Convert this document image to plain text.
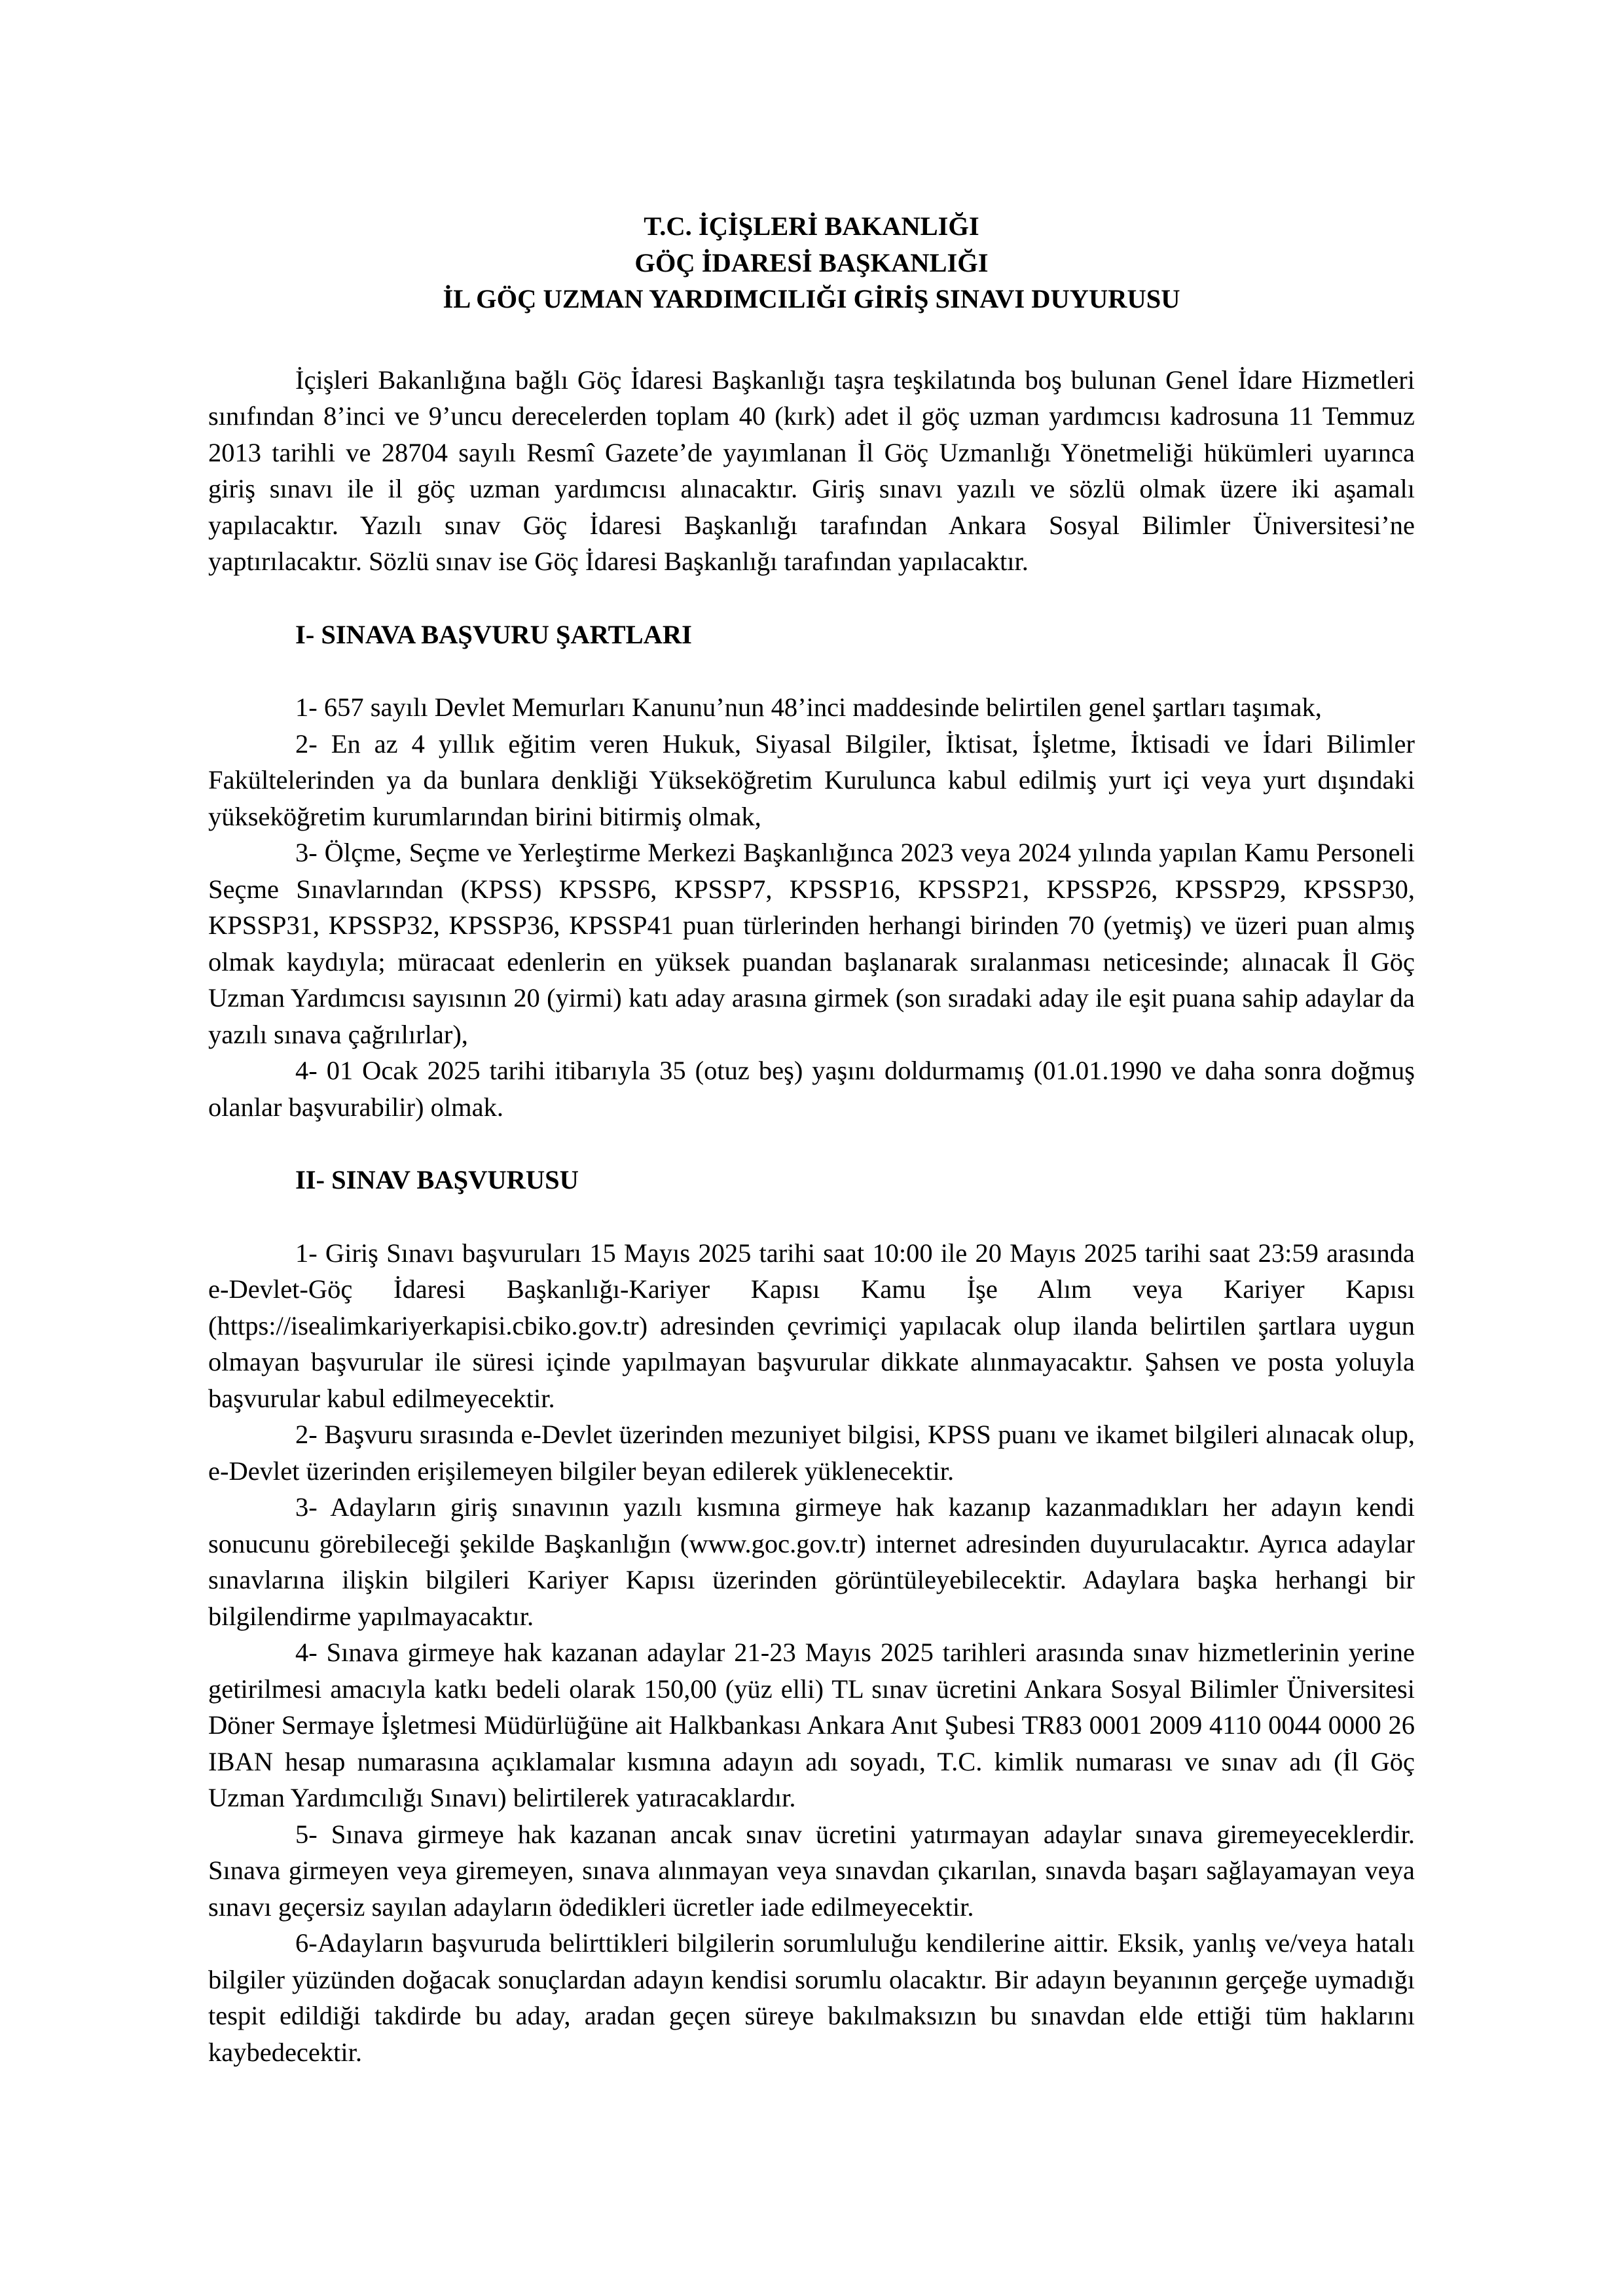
T.C. İÇİŞLERİ BAKANLIĞI
GÖÇ İDARESİ BAŞKANLIĞI
İL GÖÇ UZMAN YARDIMCILIĞI GİRİŞ SINAVI DUYURUSU

İçişleri Bakanlığına bağlı Göç İdaresi Başkanlığı taşra teşkilatında boş bulunan Genel İdare Hizmetleri sınıfından 8’inci ve 9’uncu derecelerden toplam 40 (kırk) adet il göç uzman yardımcısı kadrosuna 11 Temmuz 2013 tarihli ve 28704 sayılı Resmî Gazete’de yayımlanan İl Göç Uzmanlığı Yönetmeliği hükümleri uyarınca giriş sınavı ile il göç uzman yardımcısı alınacaktır. Giriş sınavı yazılı ve sözlü olmak üzere iki aşamalı yapılacaktır. Yazılı sınav Göç İdaresi Başkanlığı tarafından Ankara Sosyal Bilimler Üniversitesi’ne yaptırılacaktır. Sözlü sınav ise Göç İdaresi Başkanlığı tarafından yapılacaktır.

I- SINAVA BAŞVURU ŞARTLARI

1- 657 sayılı Devlet Memurları Kanunu’nun 48’inci maddesinde belirtilen genel şartları taşımak,

2- En az 4 yıllık eğitim veren Hukuk, Siyasal Bilgiler, İktisat, İşletme, İktisadi ve İdari Bilimler Fakültelerinden ya da bunlara denkliği Yükseköğretim Kurulunca kabul edilmiş yurt içi veya yurt dışındaki yükseköğretim kurumlarından birini bitirmiş olmak,

3- Ölçme, Seçme ve Yerleştirme Merkezi Başkanlığınca 2023 veya 2024 yılında yapılan Kamu Personeli Seçme Sınavlarından (KPSS) KPSSP6, KPSSP7, KPSSP16, KPSSP21, KPSSP26, KPSSP29, KPSSP30, KPSSP31, KPSSP32, KPSSP36, KPSSP41 puan türlerinden herhangi birinden 70 (yetmiş) ve üzeri puan almış olmak kaydıyla; müracaat edenlerin en yüksek puandan başlanarak sıralanması neticesinde; alınacak İl Göç Uzman Yardımcısı sayısının 20 (yirmi) katı aday arasına girmek (son sıradaki aday ile eşit puana sahip adaylar da yazılı sınava çağrılırlar),

4- 01 Ocak 2025 tarihi itibarıyla 35 (otuz beş) yaşını doldurmamış (01.01.1990 ve daha sonra doğmuş olanlar başvurabilir) olmak.

II- SINAV BAŞVURUSU

1- Giriş Sınavı başvuruları 15 Mayıs 2025 tarihi saat 10:00 ile 20 Mayıs 2025 tarihi saat 23:59 arasında e-Devlet-Göç İdaresi Başkanlığı-Kariyer Kapısı Kamu İşe Alım veya Kariyer Kapısı (https://isealimkariyerkapisi.cbiko.gov.tr) adresinden çevrimiçi yapılacak olup ilanda belirtilen şartlara uygun olmayan başvurular ile süresi içinde yapılmayan başvurular dikkate alınmayacaktır. Şahsen ve posta yoluyla başvurular kabul edilmeyecektir.

2- Başvuru sırasında e-Devlet üzerinden mezuniyet bilgisi, KPSS puanı ve ikamet bilgileri alınacak olup, e-Devlet üzerinden erişilemeyen bilgiler beyan edilerek yüklenecektir.

3- Adayların giriş sınavının yazılı kısmına girmeye hak kazanıp kazanmadıkları her adayın kendi sonucunu görebileceği şekilde Başkanlığın (www.goc.gov.tr) internet adresinden duyurulacaktır. Ayrıca adaylar sınavlarına ilişkin bilgileri Kariyer Kapısı üzerinden görüntüleyebilecektir. Adaylara başka herhangi bir bilgilendirme yapılmayacaktır.

4- Sınava girmeye hak kazanan adaylar 21-23 Mayıs 2025 tarihleri arasında sınav hizmetlerinin yerine getirilmesi amacıyla katkı bedeli olarak 150,00 (yüz elli) TL sınav ücretini Ankara Sosyal Bilimler Üniversitesi Döner Sermaye İşletmesi Müdürlüğüne ait Halkbankası Ankara Anıt Şubesi TR83 0001 2009 4110 0044 0000 26 IBAN hesap numarasına açıklamalar kısmına adayın adı soyadı, T.C. kimlik numarası ve sınav adı (İl Göç Uzman Yardımcılığı Sınavı) belirtilerek yatıracaklardır.

5- Sınava girmeye hak kazanan ancak sınav ücretini yatırmayan adaylar sınava giremeyeceklerdir. Sınava girmeyen veya giremeyen, sınava alınmayan veya sınavdan çıkarılan, sınavda başarı sağlayamayan veya sınavı geçersiz sayılan adayların ödedikleri ücretler iade edilmeyecektir.

6-Adayların başvuruda belirttikleri bilgilerin sorumluluğu kendilerine aittir. Eksik, yanlış ve/veya hatalı bilgiler yüzünden doğacak sonuçlardan adayın kendisi sorumlu olacaktır. Bir adayın beyanının gerçeğe uymadığı tespit edildiği takdirde bu aday, aradan geçen süreye bakılmaksızın bu sınavdan elde ettiği tüm haklarını kaybedecektir.
